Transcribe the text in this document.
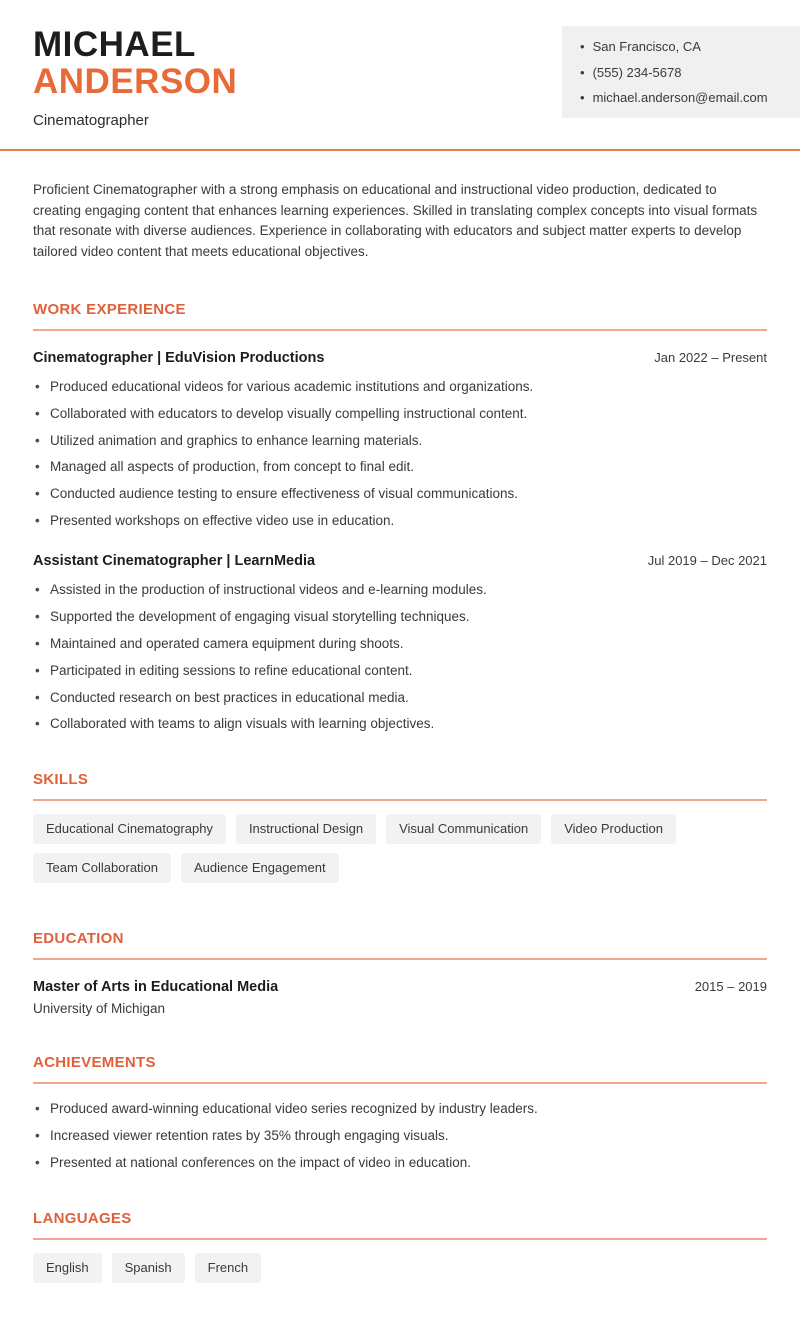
MICHAEL
ANDERSON
Cinematographer
• San Francisco, CA
• (555) 234-5678
• michael.anderson@email.com

Proficient Cinematographer with a strong emphasis on educational and instructional video production, dedicated to creating engaging content that enhances learning experiences. Skilled in translating complex concepts into visual formats that resonate with diverse audiences. Experience in collaborating with educators and subject matter experts to develop tailored video content that meets educational objectives.

WORK EXPERIENCE
Cinematographer | EduVision Productions	Jan 2022 – Present
• Produced educational videos for various academic institutions and organizations.
• Collaborated with educators to develop visually compelling instructional content.
• Utilized animation and graphics to enhance learning materials.
• Managed all aspects of production, from concept to final edit.
• Conducted audience testing to ensure effectiveness of visual communications.
• Presented workshops on effective video use in education.
Assistant Cinematographer | LearnMedia	Jul 2019 – Dec 2021
• Assisted in the production of instructional videos and e-learning modules.
• Supported the development of engaging visual storytelling techniques.
• Maintained and operated camera equipment during shoots.
• Participated in editing sessions to refine educational content.
• Conducted research on best practices in educational media.
• Collaborated with teams to align visuals with learning objectives.
SKILLS
Educational Cinematography	Instructional Design	Visual Communication	Video Production
Team Collaboration	Audience Engagement
EDUCATION
Master of Arts in Educational Media	2015 – 2019
University of Michigan
ACHIEVEMENTS
• Produced award-winning educational video series recognized by industry leaders.
• Increased viewer retention rates by 35% through engaging visuals.
• Presented at national conferences on the impact of video in education.
LANGUAGES
English	Spanish	French
